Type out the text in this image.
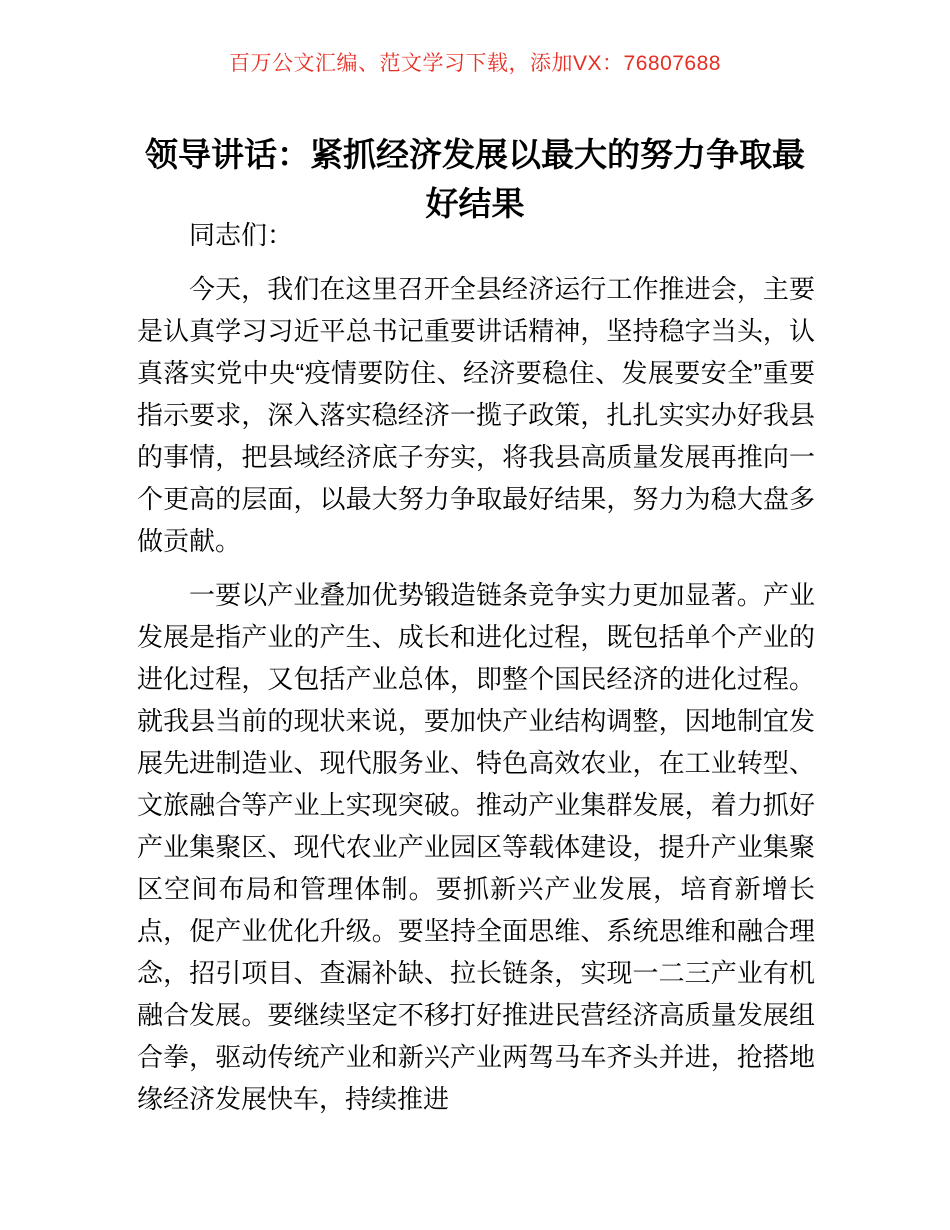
百万公文汇编、范文学习下载，添加VX：76807688
领导讲话：紧抓经济发展以最大的努力争取最好结果

同志们：

今天，我们在这里召开全县经济运行工作推进会，主要是认真学习习近平总书记重要讲话精神，坚持稳字当头，认真落实党中央“疫情要防住、经济要稳住、发展要安全”重要指示要求，深入落实稳经济一揽子政策，扎扎实实办好我县的事情，把县域经济底子夯实，将我县高质量发展再推向一个更高的层面，以最大努力争取最好结果，努力为稳大盘多做贡献。

一要以产业叠加优势锻造链条竞争实力更加显著。产业发展是指产业的产生、成长和进化过程，既包括单个产业的进化过程，又包括产业总体，即整个国民经济的进化过程。就我县当前的现状来说，要加快产业结构调整，因地制宜发展先进制造业、现代服务业、特色高效农业，在工业转型、文旅融合等产业上实现突破。推动产业集群发展，着力抓好产业集聚区、现代农业产业园区等载体建设，提升产业集聚区空间布局和管理体制。要抓新兴产业发展，培育新增长点，促产业优化升级。要坚持全面思维、系统思维和融合理念，招引项目、查漏补缺、拉长链条，实现一二三产业有机融合发展。要继续坚定不移打好推进民营经济高质量发展组合拳，驱动传统产业和新兴产业两驾马车齐头并进，抢搭地缘经济发展快车，持续推进
